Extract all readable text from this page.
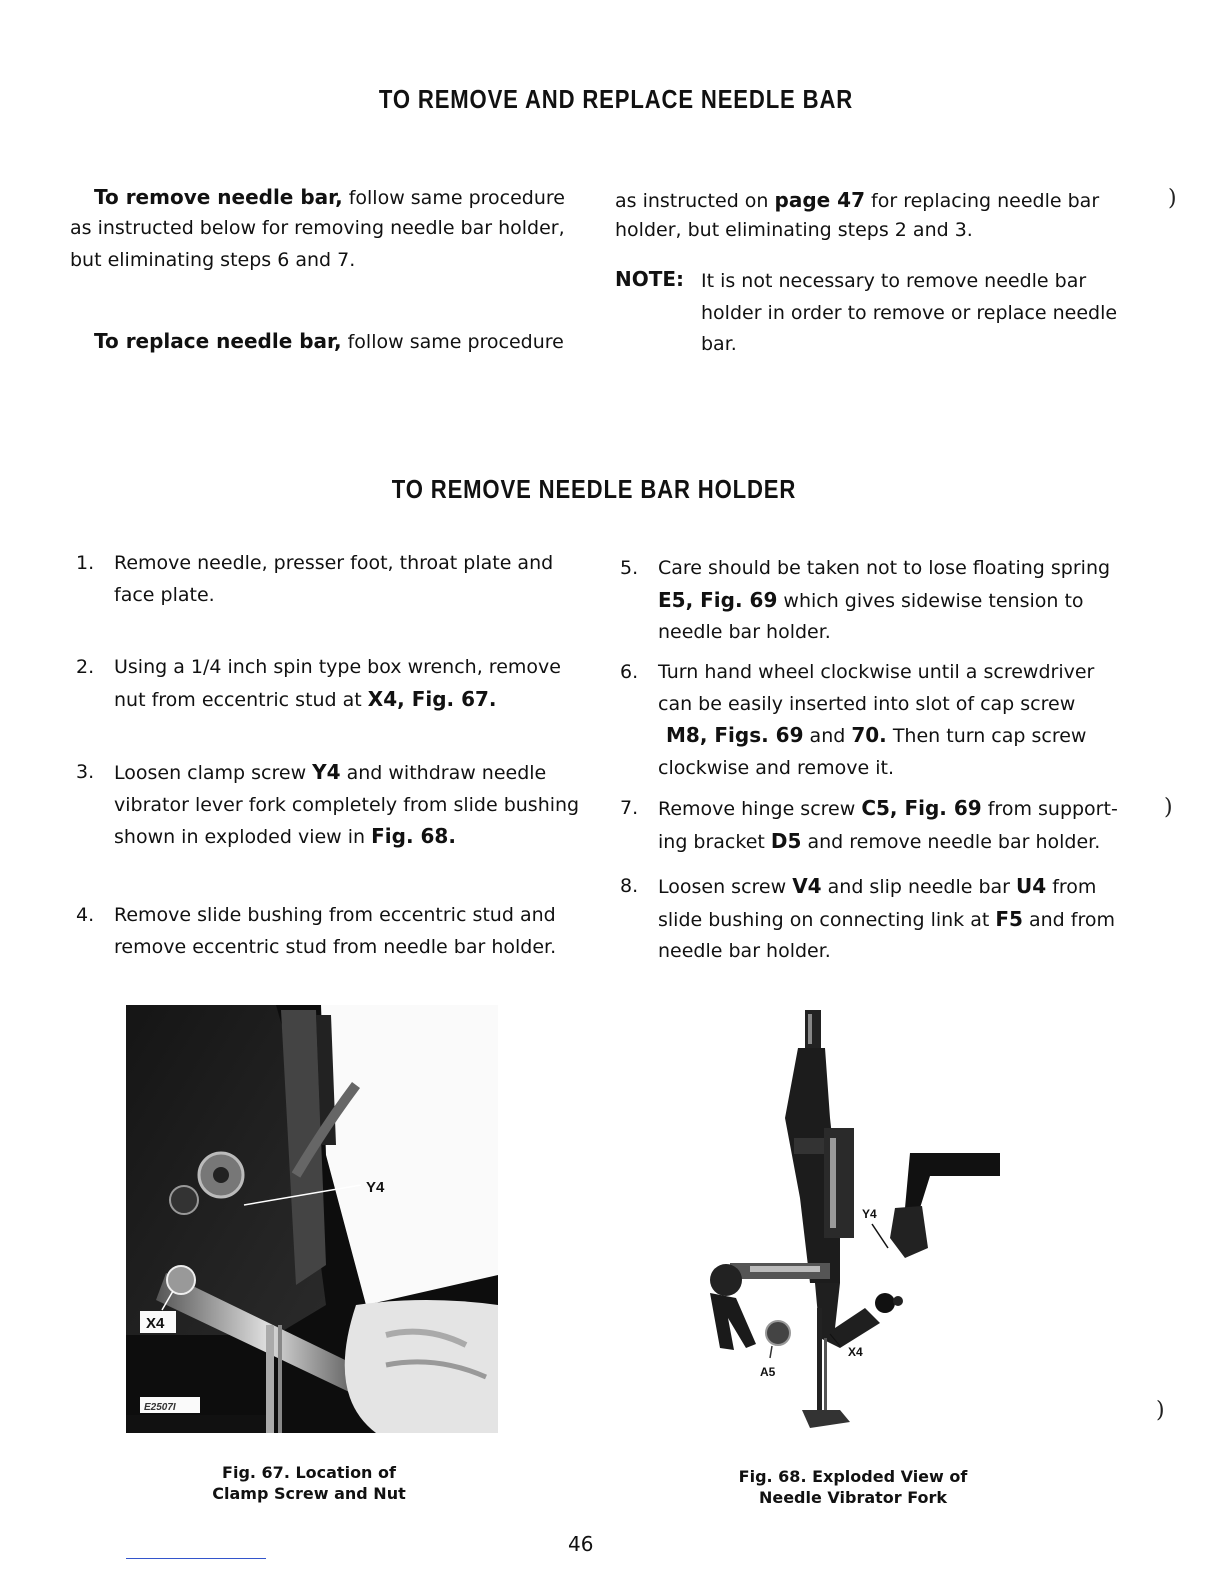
TO REMOVE AND REPLACE NEEDLE BAR
To remove needle bar, follow same procedure
as instructed below for removing needle bar holder,
but eliminating steps 6 and 7.
To replace needle bar, follow same procedure
as instructed on page 47 for replacing needle bar
holder, but eliminating steps 2 and 3.
NOTE: It is not necessary to remove needle bar
holder in order to remove or replace needle
bar.
TO REMOVE NEEDLE BAR HOLDER
1. Remove needle, presser foot, throat plate and
face plate.
2. Using a 1/4 inch spin type box wrench, remove
nut from eccentric stud at X4, Fig. 67.
3. Loosen clamp screw Y4 and withdraw needle
vibrator lever fork completely from slide bushing
shown in exploded view in Fig. 68.
4. Remove slide bushing from eccentric stud and
remove eccentric stud from needle bar holder.
5. Care should be taken not to lose floating spring
E5, Fig. 69 which gives sidewise tension to
needle bar holder.
6. Turn hand wheel clockwise until a screwdriver
can be easily inserted into slot of cap screw
M8, Figs. 69 and 70. Then turn cap screw
clockwise and remove it.
7. Remove hinge screw C5, Fig. 69 from support-
ing bracket D5 and remove needle bar holder.
8. Loosen screw V4 and slip needle bar U4 from
slide bushing on connecting link at F5 and from
needle bar holder.
Y4
X4
E2507I
Fig. 67. Location of
Clamp Screw and Nut
Y4
X4
A5
Fig. 68. Exploded View of
Needle Vibrator Fork
)
)
)
46
